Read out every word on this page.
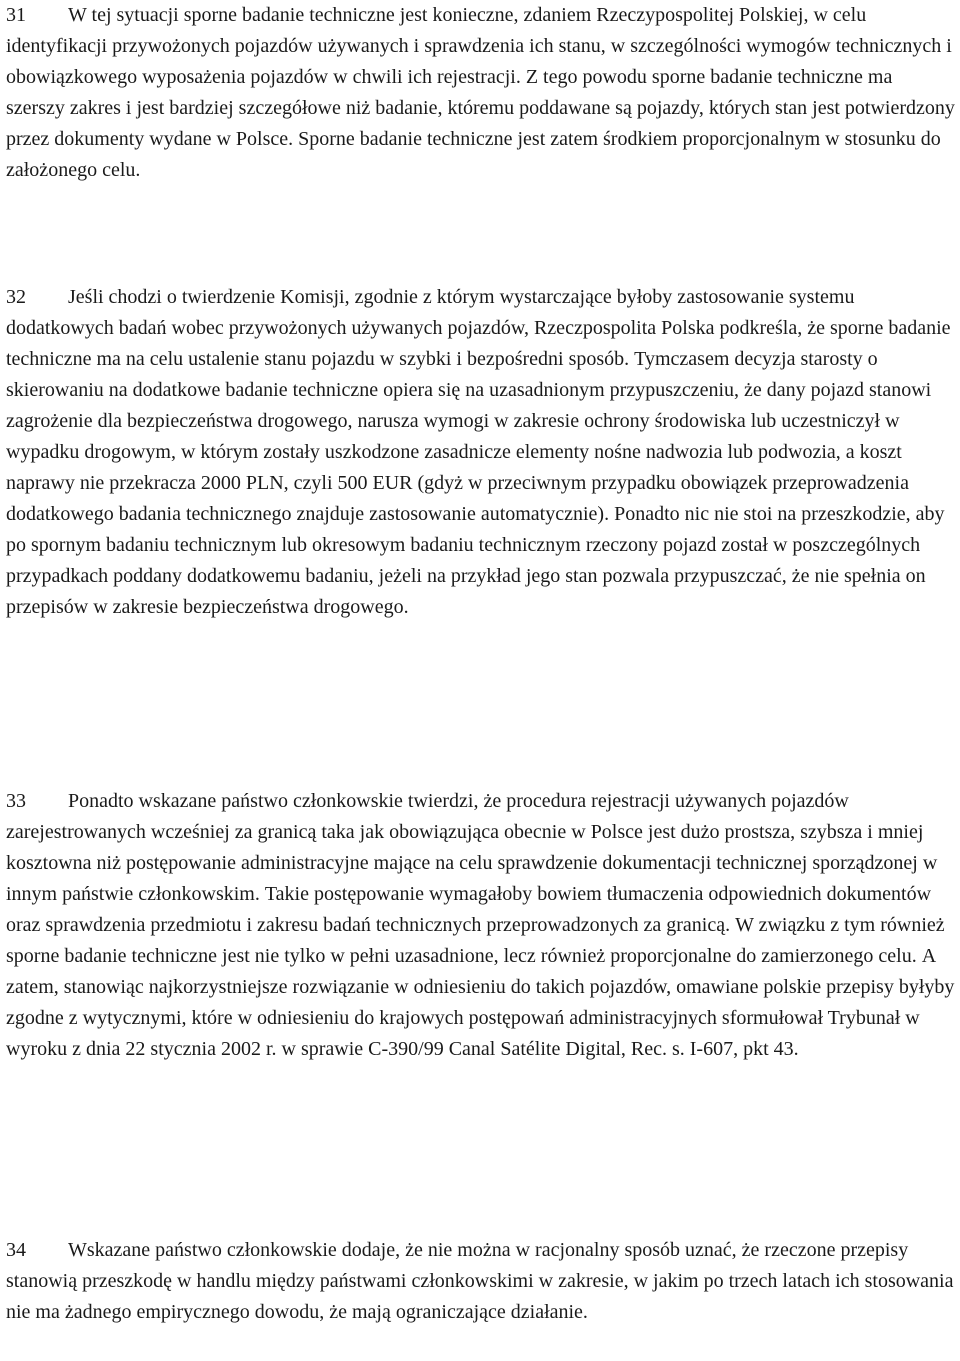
31 W tej sytuacji sporne badanie techniczne jest konieczne, zdaniem Rzeczypospolitej Polskiej, w celu identyfikacji przywożonych pojazdów używanych i sprawdzenia ich stanu, w szczególności wymogów technicznych i obowiązkowego wyposażenia pojazdów w chwili ich rejestracji. Z tego powodu sporne badanie techniczne ma szerszy zakres i jest bardziej szczegółowe niż badanie, któremu poddawane są pojazdy, których stan jest potwierdzony przez dokumenty wydane w Polsce. Sporne badanie techniczne jest zatem środkiem proporcjonalnym w stosunku do założonego celu.

32 Jeśli chodzi o twierdzenie Komisji, zgodnie z którym wystarczające byłoby zastosowanie systemu dodatkowych badań wobec przywożonych używanych pojazdów, Rzeczpospolita Polska podkreśla, że sporne badanie techniczne ma na celu ustalenie stanu pojazdu w szybki i bezpośredni sposób. Tymczasem decyzja starosty o skierowaniu na dodatkowe badanie techniczne opiera się na uzasadnionym przypuszczeniu, że dany pojazd stanowi zagrożenie dla bezpieczeństwa drogowego, narusza wymogi w zakresie ochrony środowiska lub uczestniczył w wypadku drogowym, w którym zostały uszkodzone zasadnicze elementy nośne nadwozia lub podwozia, a koszt naprawy nie przekracza 2000 PLN, czyli 500 EUR (gdyż w przeciwnym przypadku obowiązek przeprowadzenia dodatkowego badania technicznego znajduje zastosowanie automatycznie). Ponadto nic nie stoi na przeszkodzie, aby po spornym badaniu technicznym lub okresowym badaniu technicznym rzeczony pojazd został w poszczególnych przypadkach poddany dodatkowemu badaniu, jeżeli na przykład jego stan pozwala przypuszczać, że nie spełnia on przepisów w zakresie bezpieczeństwa drogowego.

33 Ponadto wskazane państwo członkowskie twierdzi, że procedura rejestracji używanych pojazdów zarejestrowanych wcześniej za granicą taka jak obowiązująca obecnie w Polsce jest dużo prostsza, szybsza i mniej kosztowna niż postępowanie administracyjne mające na celu sprawdzenie dokumentacji technicznej sporządzonej w innym państwie członkowskim. Takie postępowanie wymagałoby bowiem tłumaczenia odpowiednich dokumentów oraz sprawdzenia przedmiotu i zakresu badań technicznych przeprowadzonych za granicą. W związku z tym również sporne badanie techniczne jest nie tylko w pełni uzasadnione, lecz również proporcjonalne do zamierzonego celu. A zatem, stanowiąc najkorzystniejsze rozwiązanie w odniesieniu do takich pojazdów, omawiane polskie przepisy byłyby zgodne z wytycznymi, które w odniesieniu do krajowych postępowań administracyjnych sformułował Trybunał w wyroku z dnia 22 stycznia 2002 r. w sprawie C‑390/99 Canal Satélite Digital, Rec. s. I‑607, pkt 43.

34 Wskazane państwo członkowskie dodaje, że nie można w racjonalny sposób uznać, że rzeczone przepisy stanowią przeszkodę w handlu między państwami członkowskimi w zakresie, w jakim po trzech latach ich stosowania nie ma żadnego empirycznego dowodu, że mają ograniczające działanie.
